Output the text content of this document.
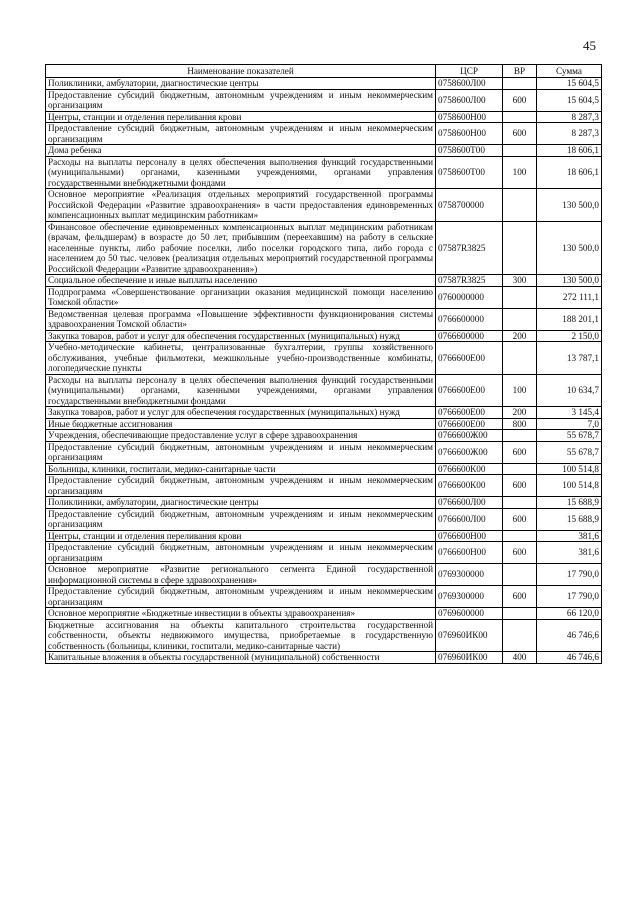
45
Наименование показателей	ЦСР	ВР	Сумма
Поликлиники, амбулатории, диагностические центры	0758600Л00		15 604,5
Предоставление субсидий бюджетным, автономным учреждениям и иным некоммерческим организациям	0758600Л00	600	15 604,5
Центры, станции и отделения переливания крови	0758600Н00		8 287,3
Предоставление субсидий бюджетным, автономным учреждениям и иным некоммерческим организациям	0758600Н00	600	8 287,3
Дома ребенка	0758600Т00		18 606,1
Расходы на выплаты персоналу в целях обеспечения выполнения функций государственными (муниципальными) органами, казенными учреждениями, органами управления государственными внебюджетными фондами	0758600Т00	100	18 606,1
Основное мероприятие «Реализация отдельных мероприятий государственной программы Российской Федерации «Развитие здравоохранения» в части предоставления единовременных компенсационных выплат медицинским работникам»	0758700000		130 500,0
Финансовое обеспечение единовременных компенсационных выплат медицинским работникам (врачам, фельдшерам) в возрасте до 50 лет, прибывшим (переехавшим) на работу в сельские населенные пункты, либо рабочие поселки, либо поселки городского типа, либо города с населением до 50 тыс. человек (реализация отдельных мероприятий государственной программы Российской Федерации «Развитие здравоохранения»)	07587R3825		130 500,0
Социальное обеспечение и иные выплаты населению	07587R3825	300	130 500,0
Подпрограмма «Совершенствование организации оказания медицинской помощи населению Томской области»	0760000000		272 111,1
Ведомственная целевая программа «Повышение эффективности функционирования системы здравоохранения Томской области»	0766600000		188 201,1
Закупка товаров, работ и услуг для обеспечения государственных (муниципальных) нужд	0766600000	200	2 150,0
Учебно-методические кабинеты, централизованные бухгалтерии, группы хозяйственного обслуживания, учебные фильмотеки, межшкольные учебно-производственные комбинаты, логопедические пункты	0766600Е00		13 787,1
Расходы на выплаты персоналу в целях обеспечения выполнения функций государственными (муниципальными) органами, казенными учреждениями, органами управления государственными внебюджетными фондами	0766600Е00	100	10 634,7
Закупка товаров, работ и услуг для обеспечения государственных (муниципальных) нужд	0766600Е00	200	3 145,4
Иные бюджетные ассигнования	0766600Е00	800	7,0
Учреждения, обеспечивающие предоставление услуг в сфере здравоохранения	0766600Ж00		55 678,7
Предоставление субсидий бюджетным, автономным учреждениям и иным некоммерческим организациям	0766600Ж00	600	55 678,7
Больницы, клиники, госпитали, медико-санитарные части	0766600К00		100 514,8
Предоставление субсидий бюджетным, автономным учреждениям и иным некоммерческим организациям	0766600К00	600	100 514,8
Поликлиники, амбулатории, диагностические центры	0766600Л00		15 688,9
Предоставление субсидий бюджетным, автономным учреждениям и иным некоммерческим организациям	0766600Л00	600	15 688,9
Центры, станции и отделения переливания крови	0766600Н00		381,6
Предоставление субсидий бюджетным, автономным учреждениям и иным некоммерческим организациям	0766600Н00	600	381,6
Основное мероприятие «Развитие регионального сегмента Единой государственной информационной системы в сфере здравоохранения»	0769300000		17 790,0
Предоставление субсидий бюджетным, автономным учреждениям и иным некоммерческим организациям	0769300000	600	17 790,0
Основное мероприятие «Бюджетные инвестиции в объекты здравоохранения»	0769600000		66 120,0
Бюджетные ассигнования на объекты капитального строительства государственной собственности, объекты недвижимого имущества, приобретаемые в государственную собственность (больницы, клиники, госпитали, медико-санитарные части)	076960ИК00		46 746,6
Капитальные вложения в объекты государственной (муниципальной) собственности	076960ИК00	400	46 746,6
